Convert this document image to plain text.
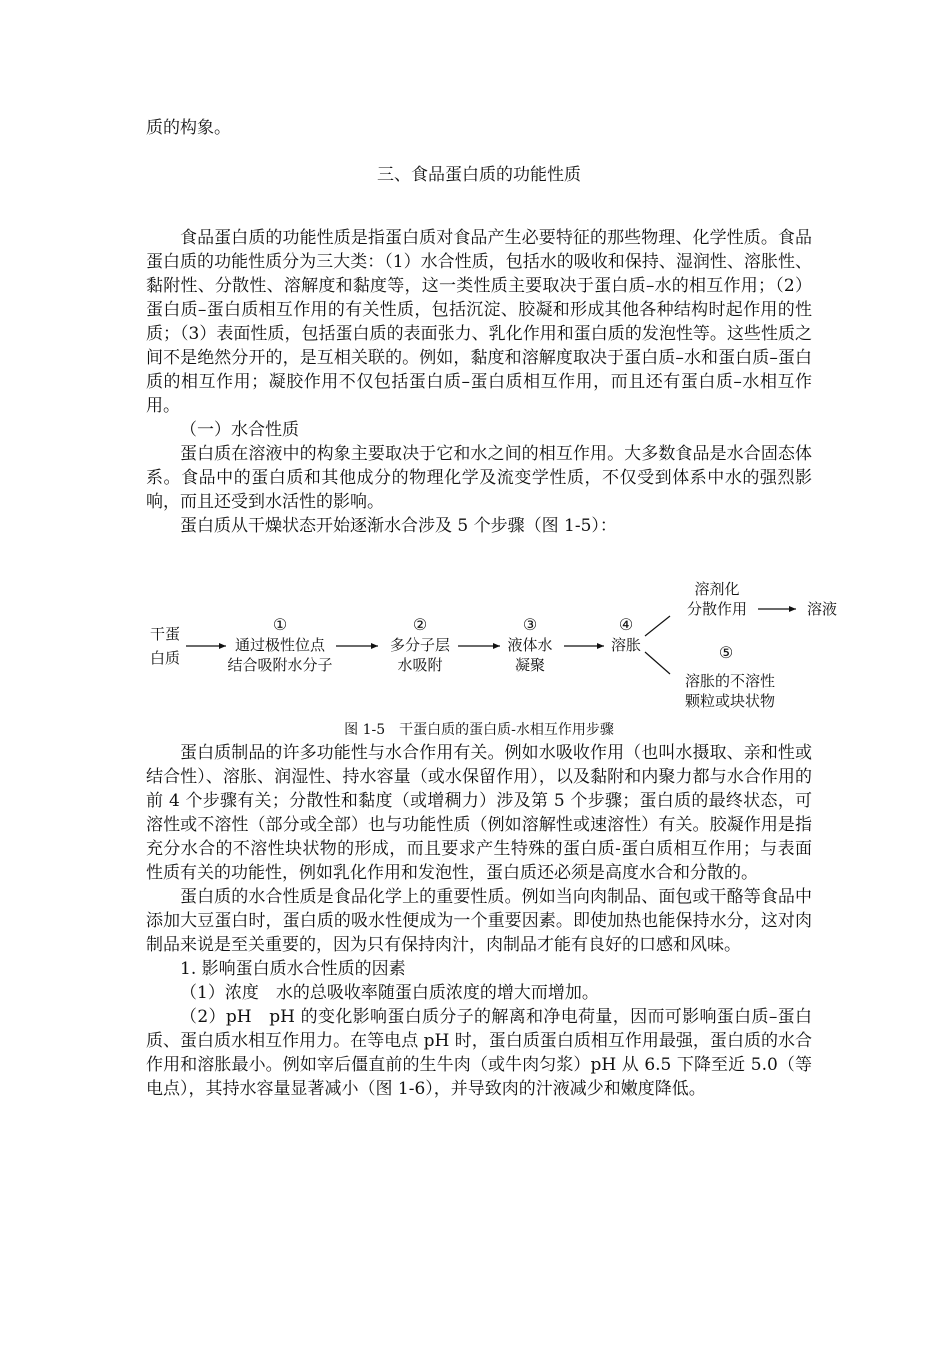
质的构象。

三、食品蛋白质的功能性质

食品蛋白质的功能性质是指蛋白质对食品产生必要特征的那些物理、化学性质。食品蛋白质的功能性质分为三大类：（1）水合性质，包括水的吸收和保持、湿润性、溶胀性、黏附性、分散性、溶解度和黏度等，这一类性质主要取决于蛋白质–水的相互作用；（2）蛋白质–蛋白质相互作用的有关性质，包括沉淀、胶凝和形成其他各种结构时起作用的性质；（3）表面性质，包括蛋白质的表面张力、乳化作用和蛋白质的发泡性等。这些性质之间不是绝然分开的，是互相关联的。例如，黏度和溶解度取决于蛋白质–水和蛋白质–蛋白质的相互作用；凝胶作用不仅包括蛋白质–蛋白质相互作用，而且还有蛋白质–水相互作用。

（一）水合性质

蛋白质在溶液中的构象主要取决于它和水之间的相互作用。大多数食品是水合固态体系。食品中的蛋白质和其他成分的物理化学及流变学性质，不仅受到体系中水的强烈影响，而且还受到水活性的影响。

蛋白质从干燥状态开始逐渐水合涉及 5 个步骤（图 1-5）：

干蛋
白质
①
通过极性位点
结合吸附水分子
②
多分子层
水吸附
③
液体水
凝聚
④
溶胀
溶剂化
分散作用	溶液
⑤
溶胀的不溶性
颗粒或块状物
图 1-5　干蛋白质的蛋白质-水相互作用步骤

蛋白质制品的许多功能性与水合作用有关。例如水吸收作用（也叫水摄取、亲和性或结合性）、溶胀、润湿性、持水容量（或水保留作用），以及黏附和内聚力都与水合作用的前 4 个步骤有关；分散性和黏度（或增稠力）涉及第 5 个步骤；蛋白质的最终状态，可溶性或不溶性（部分或全部）也与功能性质（例如溶解性或速溶性）有关。胶凝作用是指充分水合的不溶性块状物的形成，而且要求产生特殊的蛋白质-蛋白质相互作用；与表面性质有关的功能性，例如乳化作用和发泡性，蛋白质还必须是高度水合和分散的。

蛋白质的水合性质是食品化学上的重要性质。例如当向肉制品、面包或干酪等食品中添加大豆蛋白时，蛋白质的吸水性便成为一个重要因素。即使加热也能保持水分，这对肉制品来说是至关重要的，因为只有保持肉汁，肉制品才能有良好的口感和风味。

1. 影响蛋白质水合性质的因素

（1）浓度　水的总吸收率随蛋白质浓度的增大而增加。

（2）pH　pH 的变化影响蛋白质分子的解离和净电荷量，因而可影响蛋白质–蛋白质、蛋白质水相互作用力。在等电点 pH 时，蛋白质蛋白质相互作用最强，蛋白质的水合作用和溶胀最小。例如宰后僵直前的生牛肉（或牛肉匀浆）pH 从 6.5 下降至近 5.0（等电点），其持水容量显著减小（图 1-6），并导致肉的汁液减少和嫩度降低。
